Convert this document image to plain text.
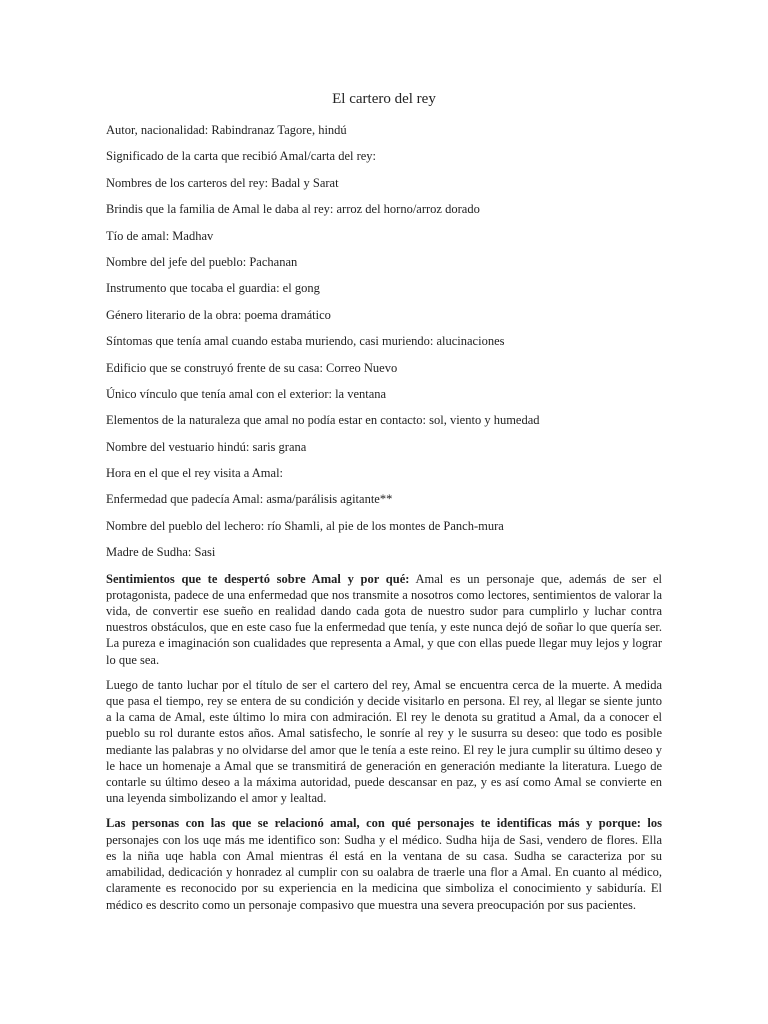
El cartero del rey
Autor, nacionalidad: Rabindranaz Tagore, hindú
Significado de la carta que recibió Amal/carta del rey:
Nombres de los carteros del rey: Badal y Sarat
Brindis que la familia de Amal le daba al rey: arroz del horno/arroz dorado
Tío de amal: Madhav
Nombre del jefe del pueblo: Pachanan
Instrumento que tocaba el guardia: el gong
Género literario de la obra: poema dramático
Síntomas que tenía amal cuando estaba muriendo, casi muriendo: alucinaciones
Edificio que se construyó frente de su casa: Correo Nuevo
Único vínculo que tenía amal con el exterior: la ventana
Elementos de la naturaleza que amal no podía estar en contacto: sol, viento y humedad
Nombre del vestuario hindú: saris grana
Hora en el que el rey visita a Amal:
Enfermedad que padecía Amal: asma/parálisis agitante**
Nombre del pueblo del lechero: río Shamli, al pie de los montes de Panch-mura
Madre de Sudha: Sasi

Sentimientos que te despertó sobre Amal y por qué: Amal es un personaje que, además de ser el protagonista, padece de una enfermedad que nos transmite a nosotros como lectores, sentimientos de valorar la vida, de convertir ese sueño en realidad dando cada gota de nuestro sudor para cumplirlo y luchar contra nuestros obstáculos, que en este caso fue la enfermedad que tenía, y este nunca dejó de soñar lo que quería ser. La pureza e imaginación son cualidades que representa a Amal, y que con ellas puede llegar muy lejos y lograr lo que sea.

Luego de tanto luchar por el título de ser el cartero del rey, Amal se encuentra cerca de la muerte. A medida que pasa el tiempo, rey se entera de su condición y decide visitarlo en persona. El rey, al llegar se siente junto a la cama de Amal, este último lo mira con admiración. El rey le denota su gratitud a Amal, da a conocer el pueblo su rol durante estos años. Amal satisfecho, le sonríe al rey y le susurra su deseo: que todo es posible mediante las palabras y no olvidarse del amor que le tenía a este reino. El rey le jura cumplir su último deseo y le hace un homenaje a Amal que se transmitirá de generación en generación mediante la literatura. Luego de contarle su último deseo a la máxima autoridad, puede descansar en paz, y es así como Amal se convierte en una leyenda simbolizando el amor y lealtad.

Las personas con las que se relacionó amal, con qué personajes te identificas más y porque: los personajes con los uqe más me identifico son: Sudha y el médico. Sudha hija de Sasi, vendero de flores. Ella es la niña uqe habla con Amal mientras él está en la ventana de su casa. Sudha se caracteriza por su amabilidad, dedicación y honradez al cumplir con su oalabra de traerle una flor a Amal. En cuanto al médico, claramente es reconocido por su experiencia en la medicina que simboliza el conocimiento y sabiduría. El médico es descrito como un personaje compasivo que muestra una severa preocupación por sus pacientes.
